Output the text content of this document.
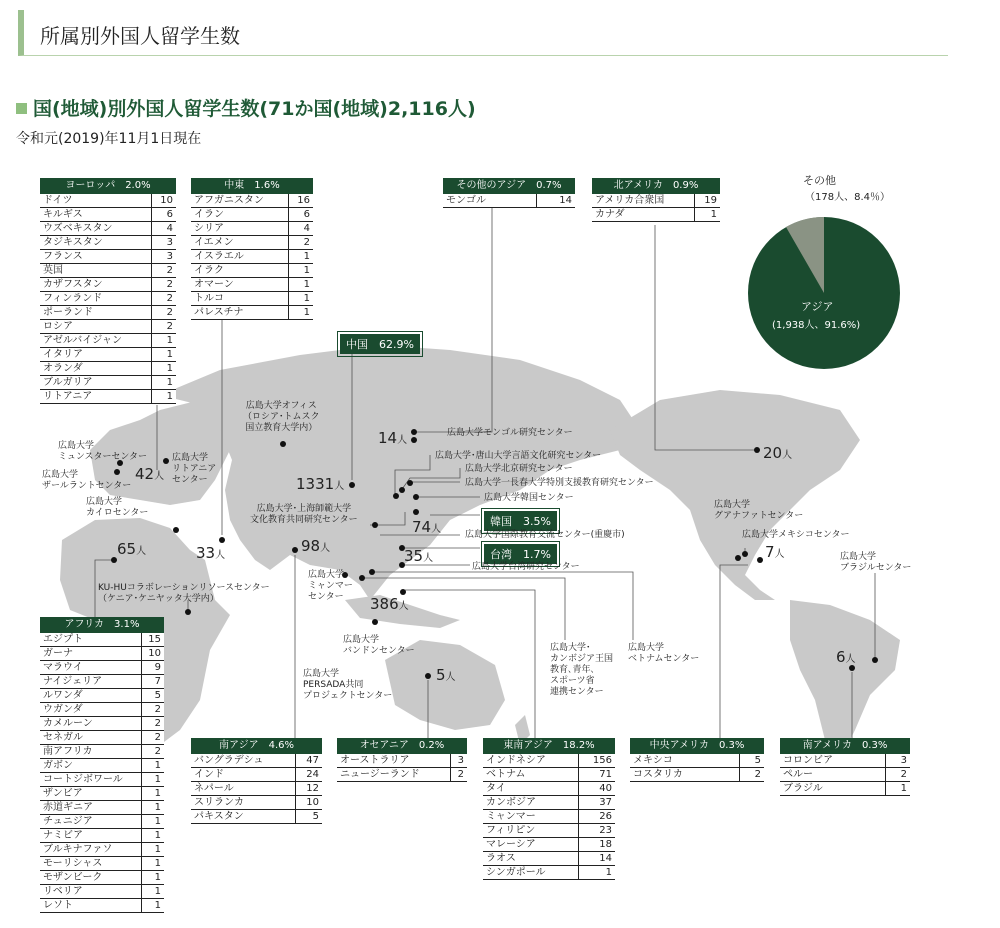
所属別外国人留学生数
国(地域)別外国人留学生数(71か国(地域)2,116人)
令和元(2019)年11月1日現在
その他
（178人、8.4％）
アジア
(1,938人、91.6%)
ヨーロッパ　2.0%	
ドイツ	10
キルギス	6
ウズベキスタン	4
タジキスタン	3
フランス	3
英国	2
カザフスタン	2
フィンランド	2
ポーランド	2
ロシア	2
アゼルバイジャン	1
イタリア	1
オランダ	1
ブルガリア	1
リトアニア	1
中東　1.6%	
アフガニスタン	16
イラン	6
シリア	4
イエメン	2
イスラエル	1
イラク	1
オマーン	1
トルコ	1
パレスチナ	1
その他のアジア　0.7%
モンゴル	14
北アメリカ　0.9%	
アメリカ合衆国	19
カナダ	1
アフリカ　3.1%	
エジプト	15
ガーナ	10
マラウイ	9
ナイジェリア	7
ルワンダ	5
ウガンダ	2
カメルーン	2
セネガル	2
南アフリカ	2
ガボン	1
コートジボワール	1
ザンビア	1
赤道ギニア	1
チュニジア	1
ナミビア	1
ブルキナファソ	1
モーリシャス	1
モザンビーク	1
リベリア	1
レソト	1
南アジア　4.6%	
バングラデシュ	47
インド	24
ネパール	12
スリランカ	10
パキスタン	5
オセアニア　0.2%	
オーストラリア	3
ニュージーランド	2
東南アジア　18.2%	
インドネシア	156
ベトナム	71
タイ	40
カンボジア	37
ミャンマー	26
フィリピン	23
マレーシア	18
ラオス	14
シンガポール	1
中央アメリカ　0.3%	
メキシコ	5
コスタリカ	2
南アメリカ　0.3%	
コロンビア	3
ペルー	2
ブラジル	1
中国　62.9%
韓国　3.5%
台湾　1.7%
42人
33人
65人	98人
1331人
14人
74人
35人
386人
5人
20人
7人
6人
広島大学オフィス
（ロシア･トムスク
国立教育大学内）
広島大学
ミュンスターセンター
広島大学
ザールラントセンター
広島大学
リトアニア
センター
広島大学
カイロセンター	広島大学･上海師範大学
文化教育共同研究センター
広島大学モンゴル研究センター
広島大学･唐山大学言語文化研究センター
広島大学北京研究センター
広島大学一長春大学特別支援教育研究センター
広島大学韓国センター
広島大学国際教育交流センター(重慶市)
広島大学台湾研究センター
広島大学
ミャンマー
センター
広島大学
バンドンセンター
広島大学
PERSADA共同
プロジェクトセンター
広島大学･
カンボジア王国
教育､青年､
スポーツ省
連携センター
広島大学
ベトナムセンター
KU-HUコラボレーションリソースセンター
（ケニア･ケニヤッタ大学内）
広島大学
グアナファトセンター
広島大学メキシコセンター
広島大学
ブラジルセンター
